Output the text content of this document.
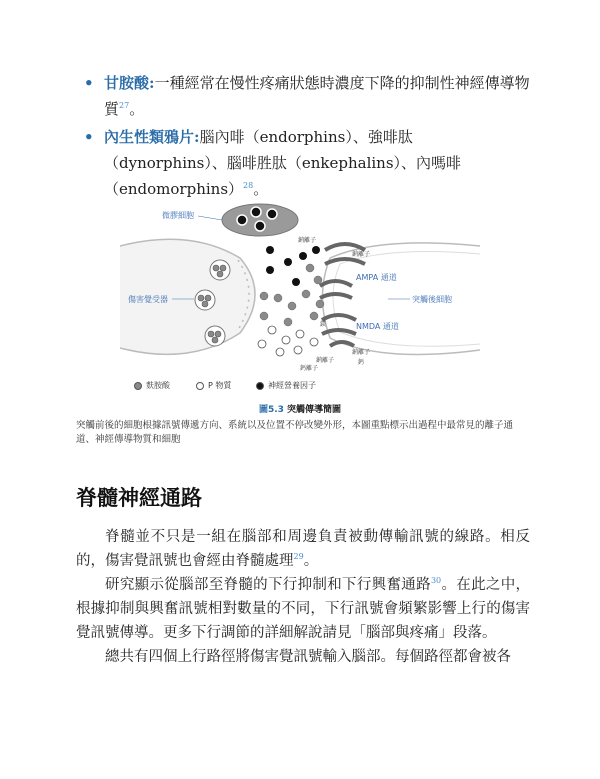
• 甘胺酸:一種經常在慢性疼痛狀態時濃度下降的抑制性神經傳導物質$^{27}$。
• 內生性類鴉片:腦內啡（endorphins）、強啡肽（dynorphins）、腦啡胜肽（enkephalins）、內嗎啡（endomorphins）$^{28}$。
微膠細胞
傷害覺受器	突觸後細胞
AMPA 通道
NMDA 通道
鈉離子
鈉離子
鎂
鈉離子
鈉離子
鈣離子
鈣
麩胺酸	P 物質	神經營養因子
圖5.3 突觸傳導簡圖
突觸前後的細胞根據訊號傳遞方向、系統以及位置不停改變外形，本圖重點標示出過程中最常見的離子通道、神經傳導物質和細胞
脊髓神經通路

脊髓並不只是一組在腦部和周邊負責被動傳輸訊號的線路。相反的，傷害覺訊號也會經由脊髓處理$^{29}$。

研究顯示從腦部至脊髓的下行抑制和下行興奮通路$^{30}$。在此之中，根據抑制與興奮訊號相對數量的不同，下行訊號會頻繁影響上行的傷害覺訊號傳導。更多下行調節的詳細解說請見「腦部與疼痛」段落。

總共有四個上行路徑將傷害覺訊號輸入腦部。每個路徑都會被各
